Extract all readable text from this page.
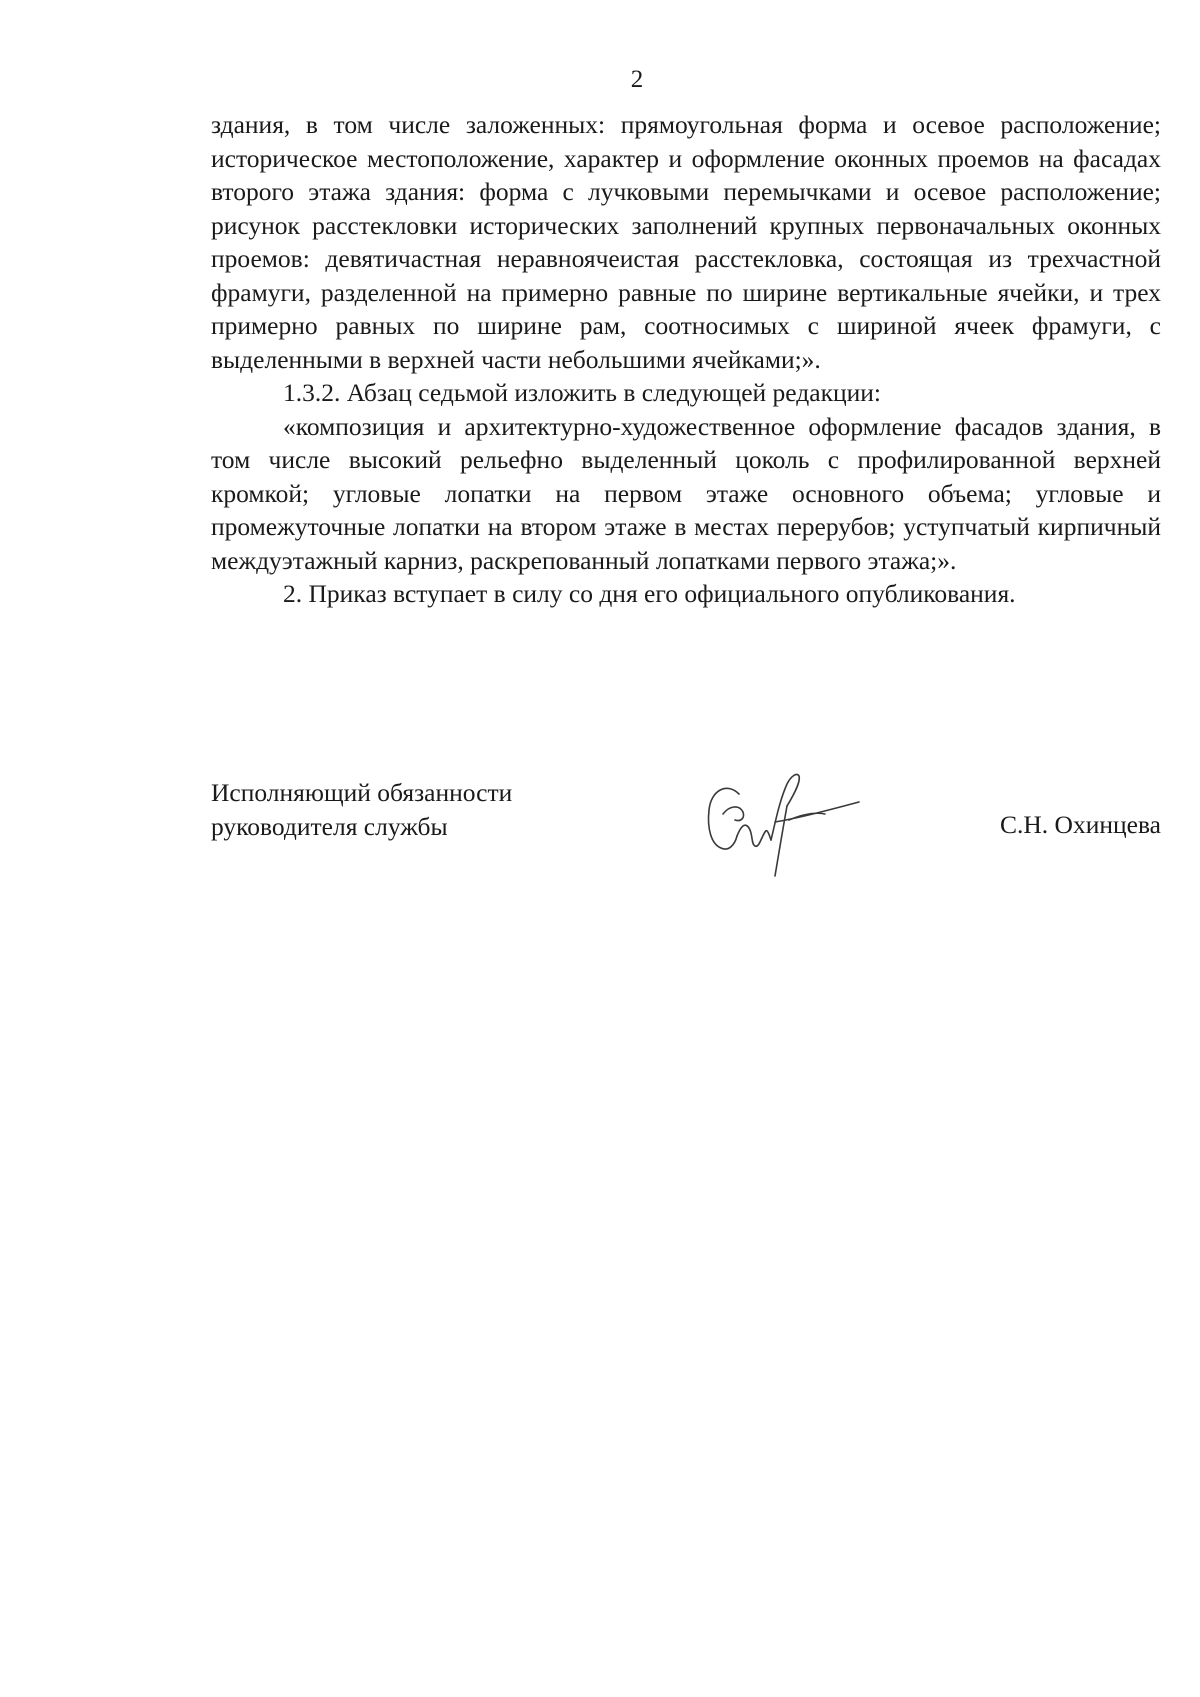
2

здания, в том числе заложенных: прямоугольная форма и осевое расположение; историческое местоположение, характер и оформление оконных проемов на фасадах второго этажа здания: форма с лучковыми перемычками и осевое расположение; рисунок расстекловки исторических заполнений крупных первоначальных оконных проемов: девятичастная неравноячеистая расстекловка, состоящая из трехчастной фрамуги, разделенной на примерно равные по ширине вертикальные ячейки, и трех примерно равных по ширине рам, соотносимых с шириной ячеек фрамуги, с выделенными в верхней части небольшими ячейками;».

1.3.2. Абзац седьмой изложить в следующей редакции:

«композиция и архитектурно-художественное оформление фасадов здания, в том числе высокий рельефно выделенный цоколь с профилированной верхней кромкой; угловые лопатки на первом этаже основного объема; угловые и промежуточные лопатки на втором этаже в местах перерубов; уступчатый кирпичный междуэтажный карниз, раскрепованный лопатками первого этажа;».

2. Приказ вступает в силу со дня его официального опубликования.

Исполняющий обязанности
руководителя службы	С.Н. Охинцева
